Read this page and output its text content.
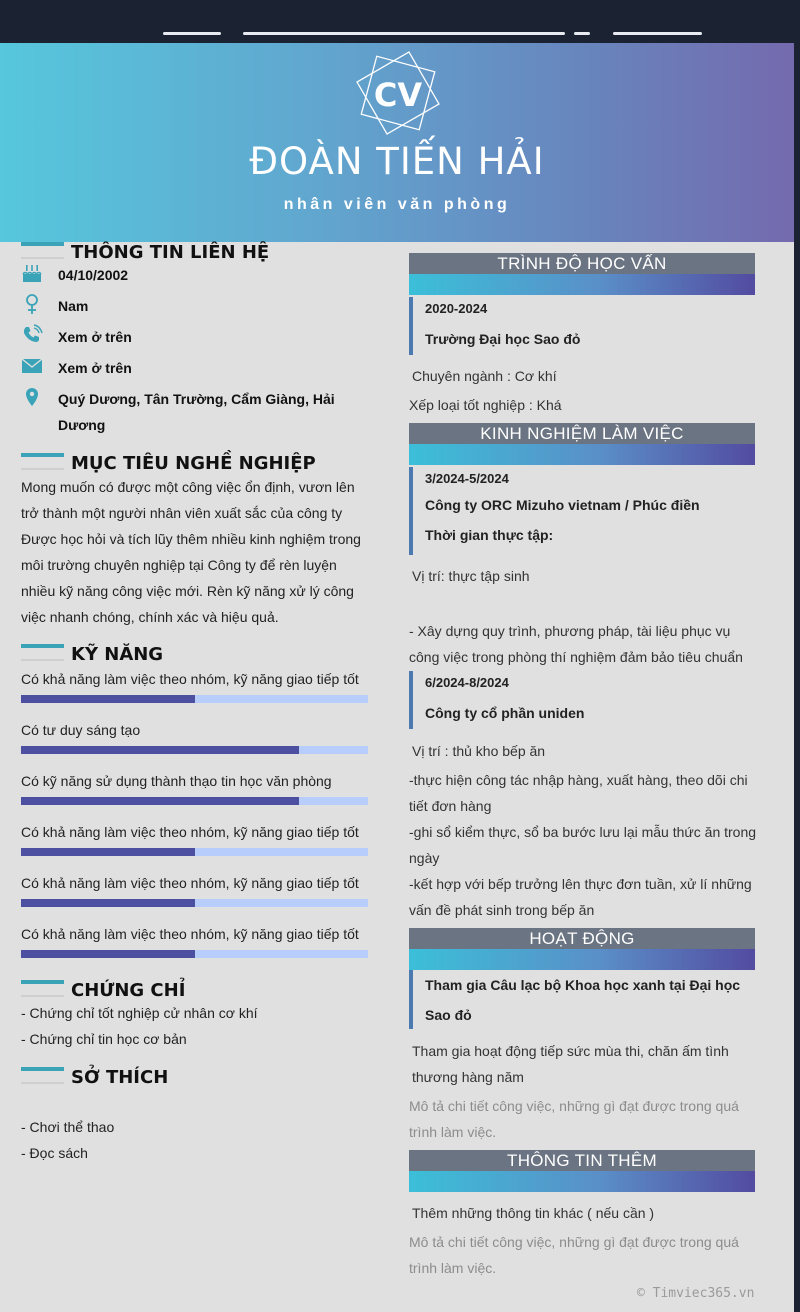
CV
ĐOÀN TIẾN HẢI
nhân viên văn phòng
THÔNG TIN LIÊN HỆ
04/10/2002
Nam
Xem ở trên
Xem ở trên
Quý Dương, Tân Trường, Cẩm Giàng, Hải Dương
MỤC TIÊU NGHỀ NGHIỆP
Mong muốn có được một công việc ổn định, vươn lên trở thành một người nhân viên xuất sắc của công ty Được học hỏi và tích lũy thêm nhiều kinh nghiệm trong môi trường chuyên nghiệp tại Công ty để rèn luyện nhiều kỹ năng công việc mới. Rèn kỹ năng xử lý công việc nhanh chóng, chính xác và hiệu quả.
KỸ NĂNG
Có khả năng làm việc theo nhóm, kỹ năng giao tiếp tốt
Có tư duy sáng tạo
Có kỹ năng sử dụng thành thạo tin học văn phòng
Có khả năng làm việc theo nhóm, kỹ năng giao tiếp tốt
Có khả năng làm việc theo nhóm, kỹ năng giao tiếp tốt
Có khả năng làm việc theo nhóm, kỹ năng giao tiếp tốt
CHỨNG CHỈ
- Chứng chỉ tốt nghiệp cử nhân cơ khí
- Chứng chỉ tin học cơ bản
SỞ THÍCH
- Chơi thể thao
- Đọc sách
TRÌNH ĐỘ HỌC VẤN
2020-2024
Trường Đại học Sao đỏ
Chuyên ngành : Cơ khí
Xếp loại tốt nghiệp : Khá
KINH NGHIỆM LÀM VIỆC
3/2024-5/2024
Công ty ORC Mizuho vietnam / Phúc điền
Thời gian thực tập:
Vị trí: thực tập sinh
- Xây dựng quy trình, phương pháp, tài liệu phục vụ công việc trong phòng thí nghiệm đảm bảo tiêu chuẩn
6/2024-8/2024
Công ty cổ phần uniden
Vị trí : thủ kho bếp ăn
-thực hiện công tác nhập hàng, xuất hàng, theo dõi chi tiết đơn hàng
-ghi sổ kiểm thực, sổ ba bước lưu lại mẫu thức ăn trong ngày
-kết hợp với bếp trưởng lên thực đơn tuần, xử lí những vấn đề phát sinh trong bếp ăn
HOẠT ĐỘNG
Tham gia Câu lạc bộ Khoa học xanh tại Đại học Sao đỏ
Tham gia hoạt động tiếp sức mùa thi, chăn ấm tình thương hàng năm
Mô tả chi tiết công việc, những gì đạt được trong quá trình làm việc.
THÔNG TIN THÊM
Thêm những thông tin khác ( nếu cần )
Mô tả chi tiết công việc, những gì đạt được trong quá trình làm việc.
© Timviec365.vn
